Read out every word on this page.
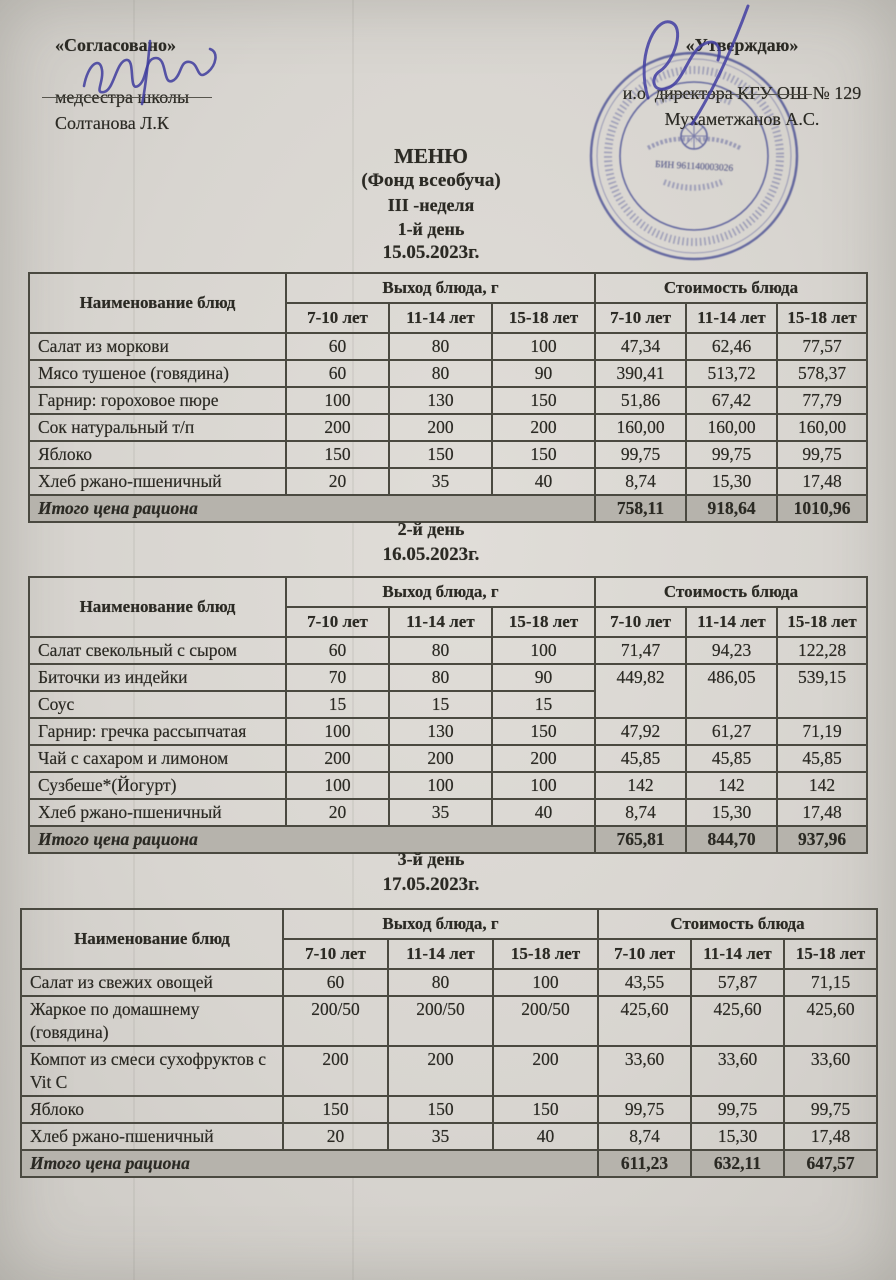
«Согласовано»
медсестра школы
Солтанова Л.К
БИН 961140003026
«Утверждаю»
и.о. директора КГУ ОШ № 129
Мухаметжанов А.С.
МЕНЮ
(Фонд всеобуча)
III -неделя
1-й день
15.05.2023г.
Наименование блюд	Выход блюда, г			Стоимость блюда		
	7-10 лет	11-14 лет	15-18 лет	7-10 лет	11-14 лет	15-18 лет
Салат из моркови	60	80	100	47,34	62,46	77,57
Мясо тушеное (говядина)	60	80	90	390,41	513,72	578,37
Гарнир: гороховое пюре	100	130	150	51,86	67,42	77,79
Сок натуральный т/п	200	200	200	160,00	160,00	160,00
Яблоко	150	150	150	99,75	99,75	99,75
Хлеб ржано-пшеничный	20	35	40	8,74	15,30	17,48
Итого цена рациона				758,11	918,64	1010,96
2-й день
16.05.2023г.
Наименование блюд	Выход блюда, г			Стоимость блюда		
	7-10 лет	11-14 лет	15-18 лет	7-10 лет	11-14 лет	15-18 лет
Салат свекольный с сыром	60	80	100	71,47	94,23	122,28
Биточки из индейки	70	80	90	449,82	486,05	539,15
Соус	15	15	15			
Гарнир: гречка рассыпчатая	100	130	150	47,92	61,27	71,19
Чай с сахаром и лимоном	200	200	200	45,85	45,85	45,85
Сузбеше*(Йогурт)	100	100	100	142	142	142
Хлеб ржано-пшеничный	20	35	40	8,74	15,30	17,48
Итого цена рациона				765,81	844,70	937,96
3-й день
17.05.2023г.
Наименование блюд	Выход блюда, г			Стоимость блюда		
	7-10 лет	11-14 лет	15-18 лет	7-10 лет	11-14 лет	15-18 лет
Салат из свежих овощей	60	80	100	43,55	57,87	71,15
Жаркое по домашнему (говядина)	200/50	200/50	200/50	425,60	425,60	425,60
Компот из смеси сухофруктов с Vit C	200	200	200	33,60	33,60	33,60
Яблоко	150	150	150	99,75	99,75	99,75
Хлеб ржано-пшеничный	20	35	40	8,74	15,30	17,48
Итого цена рациона				611,23	632,11	647,57
